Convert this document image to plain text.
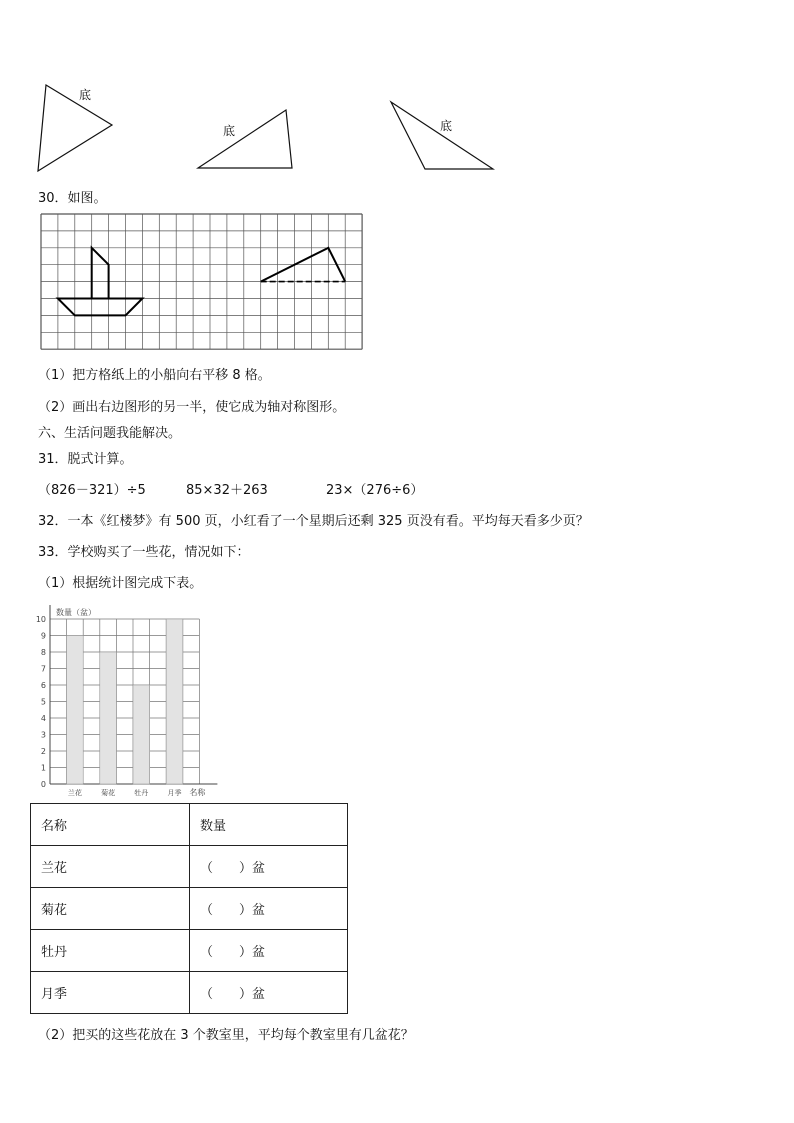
底
底	底
30．如图。
（1）把方格纸上的小船向右平移 8 格。
（2）画出右边图形的另一半，使它成为轴对称图形。
六、生活问题我能解决。
31．脱式计算。
（826－321）÷5	85×32＋263	23×（276÷6）
32．一本《红楼梦》有 500 页，小红看了一个星期后还剩 325 页没有看。平均每天看多少页？
33．学校购买了一些花，情况如下：
（1）根据统计图完成下表。
0
1
2
3
4
5
6
7
8
9
10
兰花	菊花	牡丹	月季 名称
数量（盆）
名称	数量
兰花	（　　）盆
菊花	（　　）盆
牡丹	（　　）盆
月季	（　　）盆
（2）把买的这些花放在 3 个教室里，平均每个教室里有几盆花？
